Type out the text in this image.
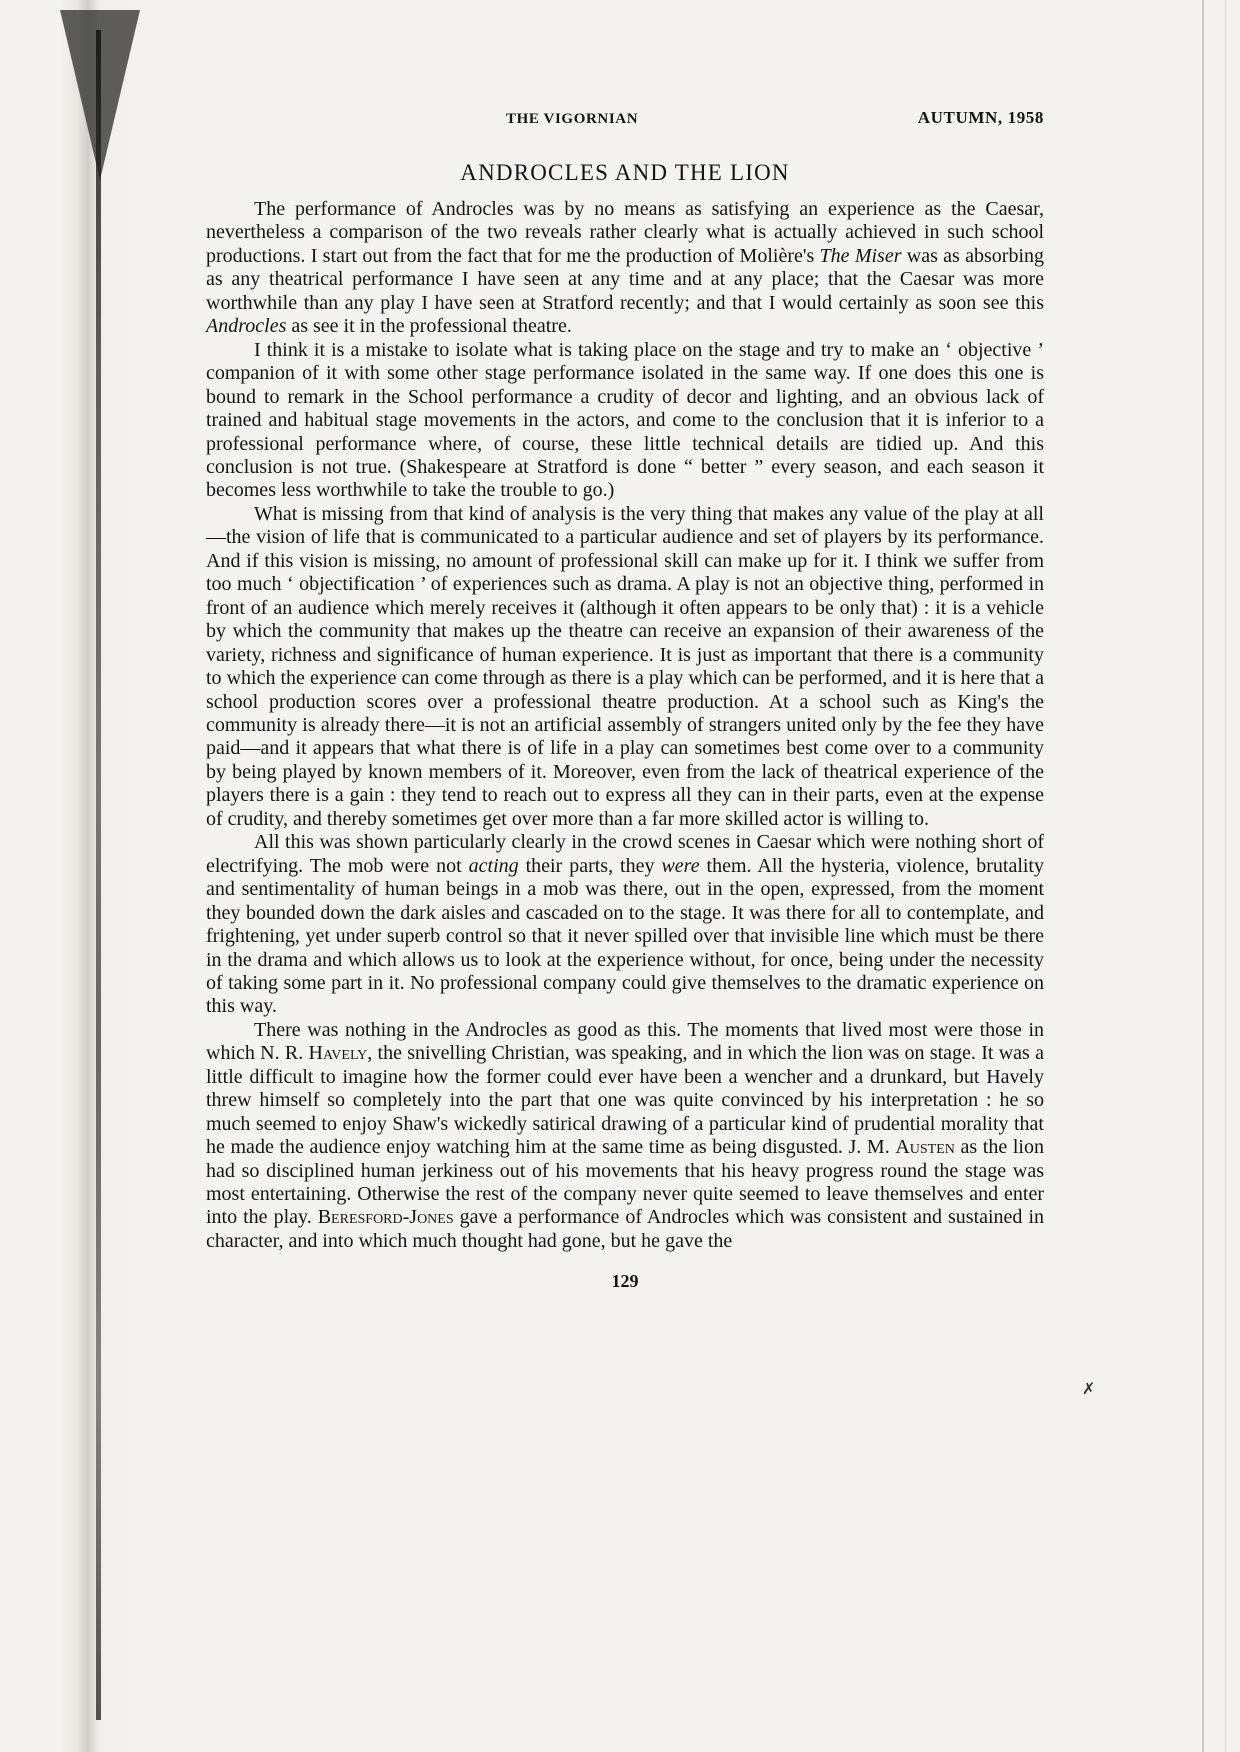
THE VIGORNIAN	AUTUMN, 1958
ANDROCLES AND THE LION

The performance of Androcles was by no means as satisfying an experience as the Caesar, nevertheless a comparison of the two reveals rather clearly what is actually achieved in such school productions. I start out from the fact that for me the production of Molière's The Miser was as absorbing as any theatrical performance I have seen at any time and at any place; that the Caesar was more worthwhile than any play I have seen at Stratford recently; and that I would certainly as soon see this Androcles as see it in the professional theatre.

I think it is a mistake to isolate what is taking place on the stage and try to make an ‘ objective ’ companion of it with some other stage performance isolated in the same way. If one does this one is bound to remark in the School performance a crudity of decor and lighting, and an obvious lack of trained and habitual stage movements in the actors, and come to the conclusion that it is inferior to a professional performance where, of course, these little technical details are tidied up. And this conclusion is not true. (Shakespeare at Stratford is done “ better ” every season, and each season it becomes less worthwhile to take the trouble to go.)

What is missing from that kind of analysis is the very thing that makes any value of the play at all—the vision of life that is communicated to a particular audience and set of players by its performance. And if this vision is missing, no amount of professional skill can make up for it. I think we suffer from too much ‘ objectification ’ of experiences such as drama. A play is not an objective thing, performed in front of an audience which merely receives it (although it often appears to be only that) : it is a vehicle by which the community that makes up the theatre can receive an expansion of their awareness of the variety, richness and significance of human experience. It is just as important that there is a community to which the experience can come through as there is a play which can be performed, and it is here that a school production scores over a professional theatre production. At a school such as King's the community is already there—it is not an artificial assembly of strangers united only by the fee they have paid—and it appears that what there is of life in a play can sometimes best come over to a community by being played by known members of it. Moreover, even from the lack of theatrical experience of the players there is a gain : they tend to reach out to express all they can in their parts, even at the expense of crudity, and thereby sometimes get over more than a far more skilled actor is willing to.

All this was shown particularly clearly in the crowd scenes in Caesar which were nothing short of electrifying. The mob were not acting their parts, they were them. All the hysteria, violence, brutality and sentimentality of human beings in a mob was there, out in the open, expressed, from the moment they bounded down the dark aisles and cascaded on to the stage. It was there for all to contemplate, and frightening, yet under superb control so that it never spilled over that invisible line which must be there in the drama and which allows us to look at the experience without, for once, being under the necessity of taking some part in it. No professional company could give themselves to the dramatic experience on this way.

There was nothing in the Androcles as good as this. The moments that lived most were those in which N. R. Havely, the snivelling Christian, was speaking, and in which the lion was on stage. It was a little difficult to imagine how the former could ever have been a wencher and a drunkard, but Havely threw himself so completely into the part that one was quite convinced by his interpretation : he so much seemed to enjoy Shaw's wickedly satirical drawing of a particular kind of prudential morality that he made the audience enjoy watching him at the same time as being disgusted. J. M. Austen as the lion had so disciplined human jerkiness out of his movements that his heavy progress round the stage was most entertaining. Otherwise the rest of the company never quite seemed to leave themselves and enter into the play. Beresford-Jones gave a performance of Androcles which was consistent and sustained in character, and into which much thought had gone, but he gave the

129
✗
